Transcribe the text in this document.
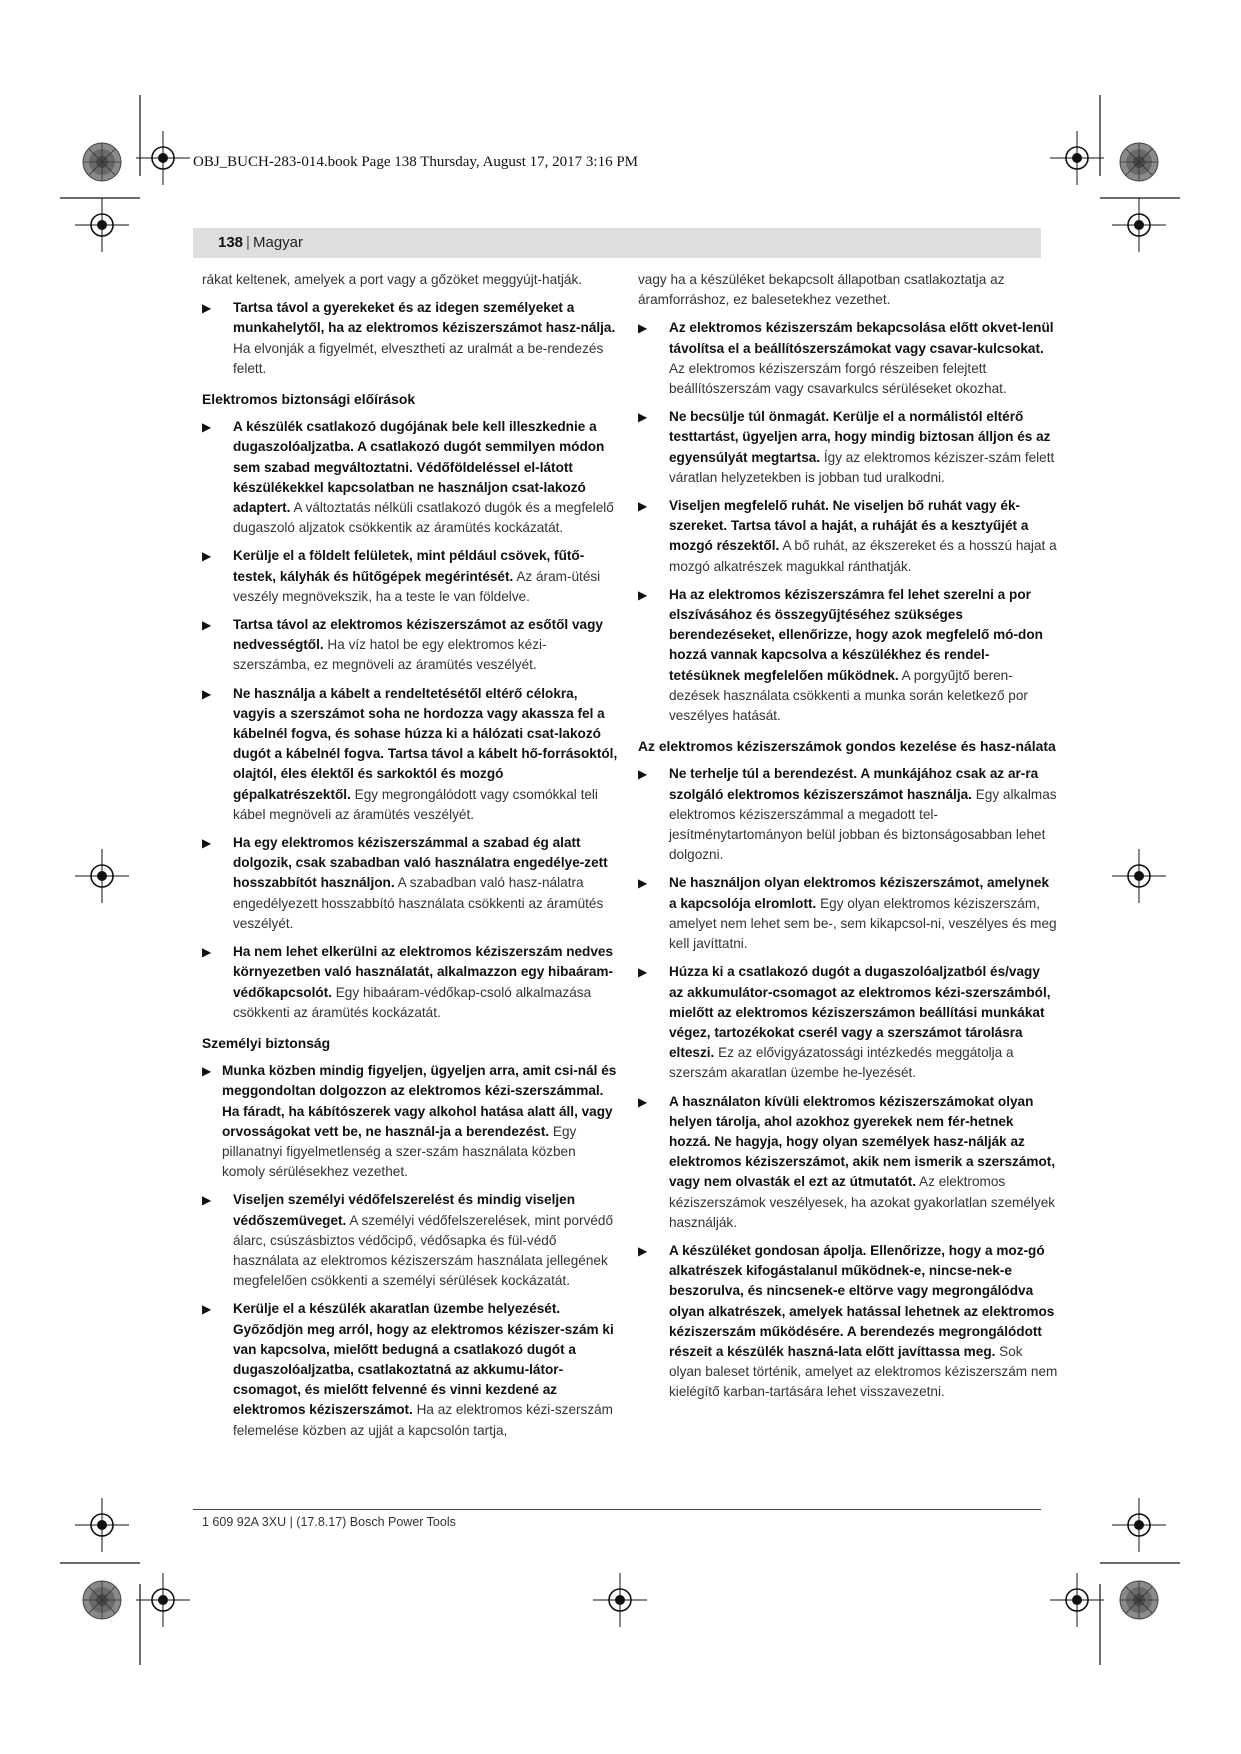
OBJ_BUCH-283-014.book Page 138 Thursday, August 17, 2017 3:16 PM
138 | Magyar

rákat keltenek, amelyek a port vagy a gőzöket meggyújt-hatják.

▶ Tartsa távol a gyerekeket és az idegen személyeket a munkahelytől, ha az elektromos kéziszerszámot hasz-nálja. Ha elvonják a figyelmét, elvesztheti az uralmát a be-rendezés felett.
Elektromos biztonsági előírások
▶ A készülék csatlakozó dugójának bele kell illeszkednie a dugaszolóaljzatba. A csatlakozó dugót semmilyen módon sem szabad megváltoztatni. Védőföldeléssel el-látott készülékekkel kapcsolatban ne használjon csat-lakozó adaptert. A változtatás nélküli csatlakozó dugók és a megfelelő dugaszoló aljzatok csökkentik az áramütés kockázatát.
▶ Kerülje el a földelt felületek, mint például csövek, fűtő-testek, kályhák és hűtőgépek megérintését. Az áram-ütési veszély megnövekszik, ha a teste le van földelve.
▶ Tartsa távol az elektromos kéziszerszámot az esőtől vagy nedvességtől. Ha víz hatol be egy elektromos kézi-szerszámba, ez megnöveli az áramütés veszélyét.
▶ Ne használja a kábelt a rendeltetésétől eltérő célokra, vagyis a szerszámot soha ne hordozza vagy akassza fel a kábelnél fogva, és sohase húzza ki a hálózati csat-lakozó dugót a kábelnél fogva. Tartsa távol a kábelt hő-forrásoktól, olajtól, éles élektől és sarkoktól és mozgó gépalkatrészektől. Egy megrongálódott vagy csomókkal teli kábel megnöveli az áramütés veszélyét.
▶ Ha egy elektromos kéziszerszámmal a szabad ég alatt dolgozik, csak szabadban való használatra engedélye-zett hosszabbítót használjon. A szabadban való hasz-nálatra engedélyezett hosszabbító használata csökkenti az áramütés veszélyét.
▶ Ha nem lehet elkerülni az elektromos kéziszerszám nedves környezetben való használatát, alkalmazzon egy hibaáram-védőkapcsolót. Egy hibaáram-védőkap-csoló alkalmazása csökkenti az áramütés kockázatát.
Személyi biztonság
▶ Munka közben mindig figyeljen, ügyeljen arra, amit csi-nál és meggondoltan dolgozzon az elektromos kézi-szerszámmal. Ha fáradt, ha kábítószerek vagy alkohol hatása alatt áll, vagy orvosságokat vett be, ne használ-ja a berendezést. Egy pillanatnyi figyelmetlenség a szer-szám használata közben komoly sérülésekhez vezethet.
▶ Viseljen személyi védőfelszerelést és mindig viseljen védőszemüveget. A személyi védőfelszerelések, mint porvédő álarc, csúszásbiztos védőcipő, védősapka és fül-védő használata az elektromos kéziszerszám használata jellegének megfelelően csökkenti a személyi sérülések kockázatát.
▶ Kerülje el a készülék akaratlan üzembe helyezését. Győződjön meg arról, hogy az elektromos kéziszer-szám ki van kapcsolva, mielőtt bedugná a csatlakozó dugót a dugaszolóaljzatba, csatlakoztatná az akkumu-látor-csomagot, és mielőtt felvenné és vinni kezdené az elektromos kéziszerszámot. Ha az elektromos kézi-szerszám felemelése közben az ujját a kapcsolón tartja,

vagy ha a készüléket bekapcsolt állapotban csatlakoztatja az áramforráshoz, ez balesetekhez vezethet.

▶ Az elektromos kéziszerszám bekapcsolása előtt okvet-lenül távolítsa el a beállítószerszámokat vagy csavar-kulcsokat. Az elektromos kéziszerszám forgó részeiben felejtett beállítószerszám vagy csavarkulcs sérüléseket okozhat.
▶ Ne becsülje túl önmagát. Kerülje el a normálistól eltérő testtartást, ügyeljen arra, hogy mindig biztosan álljon és az egyensúlyát megtartsa. Így az elektromos kéziszer-szám felett váratlan helyzetekben is jobban tud uralkodni.
▶ Viseljen megfelelő ruhát. Ne viseljen bő ruhát vagy ék-szereket. Tartsa távol a haját, a ruháját és a kesztyűjét a mozgó részektől. A bő ruhát, az ékszereket és a hosszú hajat a mozgó alkatrészek magukkal ránthatják.
▶ Ha az elektromos kéziszerszámra fel lehet szerelni a por elszívásához és összegyűjtéséhez szükséges berendezéseket, ellenőrizze, hogy azok megfelelő mó-don hozzá vannak kapcsolva a készülékhez és rendel-tetésüknek megfelelően működnek. A porgyűjtő beren-dezések használata csökkenti a munka során keletkező por veszélyes hatását.
Az elektromos kéziszerszámok gondos kezelése és hasz-nálata
▶ Ne terhelje túl a berendezést. A munkájához csak az ar-ra szolgáló elektromos kéziszerszámot használja. Egy alkalmas elektromos kéziszerszámmal a megadott tel-jesítménytartományon belül jobban és biztonságosabban lehet dolgozni.
▶ Ne használjon olyan elektromos kéziszerszámot, amelynek a kapcsolója elromlott. Egy olyan elektromos kéziszerszám, amelyet nem lehet sem be-, sem kikapcsol-ni, veszélyes és meg kell javíttatni.
▶ Húzza ki a csatlakozó dugót a dugaszolóaljzatból és/vagy az akkumulátor-csomagot az elektromos kézi-szerszámból, mielőtt az elektromos kéziszerszámon beállítási munkákat végez, tartozékokat cserél vagy a szerszámot tárolásra elteszi. Ez az elővigyázatossági intézkedés meggátolja a szerszám akaratlan üzembe he-lyezését.
▶ A használaton kívüli elektromos kéziszerszámokat olyan helyen tárolja, ahol azokhoz gyerekek nem fér-hetnek hozzá. Ne hagyja, hogy olyan személyek hasz-nálják az elektromos kéziszerszámot, akik nem ismerik a szerszámot, vagy nem olvasták el ezt az útmutatót. Az elektromos kéziszerszámok veszélyesek, ha azokat gyakorlatlan személyek használják.
▶ A készüléket gondosan ápolja. Ellenőrizze, hogy a moz-gó alkatrészek kifogástalanul működnek-e, nincse-nek-e beszorulva, és nincsenek-e eltörve vagy megrongálódva olyan alkatrészek, amelyek hatással lehetnek az elektromos kéziszerszám működésére. A berendezés megrongálódott részeit a készülék haszná-lata előtt javíttassa meg. Sok olyan baleset történik, amelyet az elektromos kéziszerszám nem kielégítő karban-tartására lehet visszavezetni.
1 609 92A 3XU | (17.8.17) Bosch Power Tools
